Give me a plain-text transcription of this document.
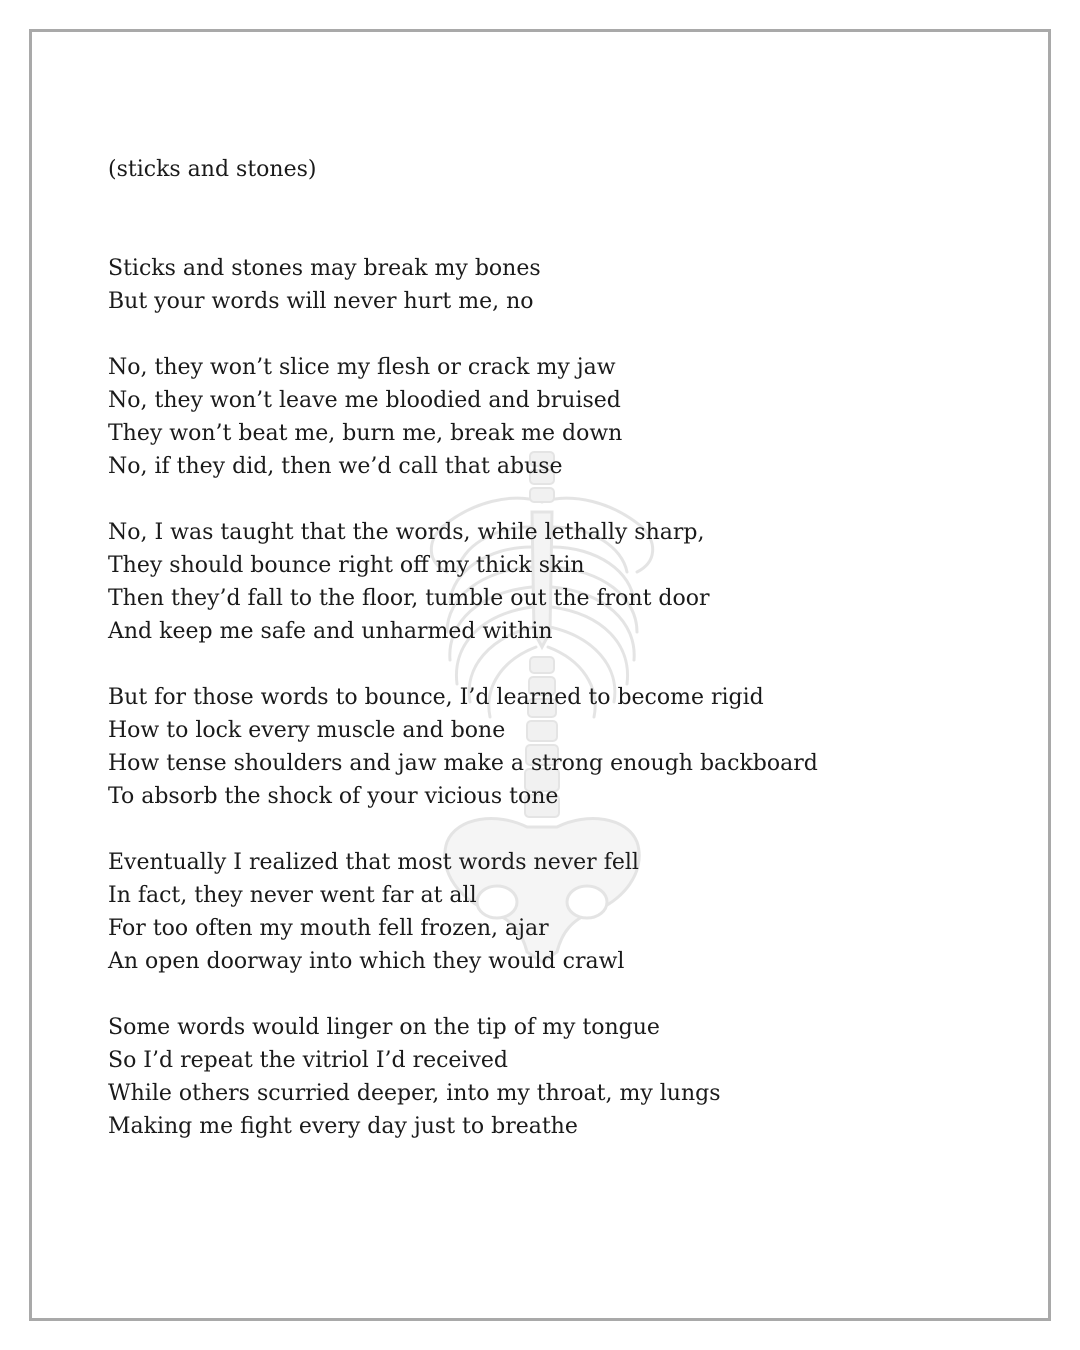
(sticks and stones)
Sticks and stones may break my bones
But your words will never hurt me, no
No, they won’t slice my flesh or crack my jaw
No, they won’t leave me bloodied and bruised
They won’t beat me, burn me, break me down
No, if they did, then we’d call that abuse
No, I was taught that the words, while lethally sharp,
They should bounce right off my thick skin
Then they’d fall to the floor, tumble out the front door
And keep me safe and unharmed within
But for those words to bounce, I’d learned to become rigid
How to lock every muscle and bone
How tense shoulders and jaw make a strong enough backboard
To absorb the shock of your vicious tone
Eventually I realized that most words never fell
In fact, they never went far at all
For too often my mouth fell frozen, ajar
An open doorway into which they would crawl
Some words would linger on the tip of my tongue
So I’d repeat the vitriol I’d received
While others scurried deeper, into my throat, my lungs
Making me fight every day just to breathe
